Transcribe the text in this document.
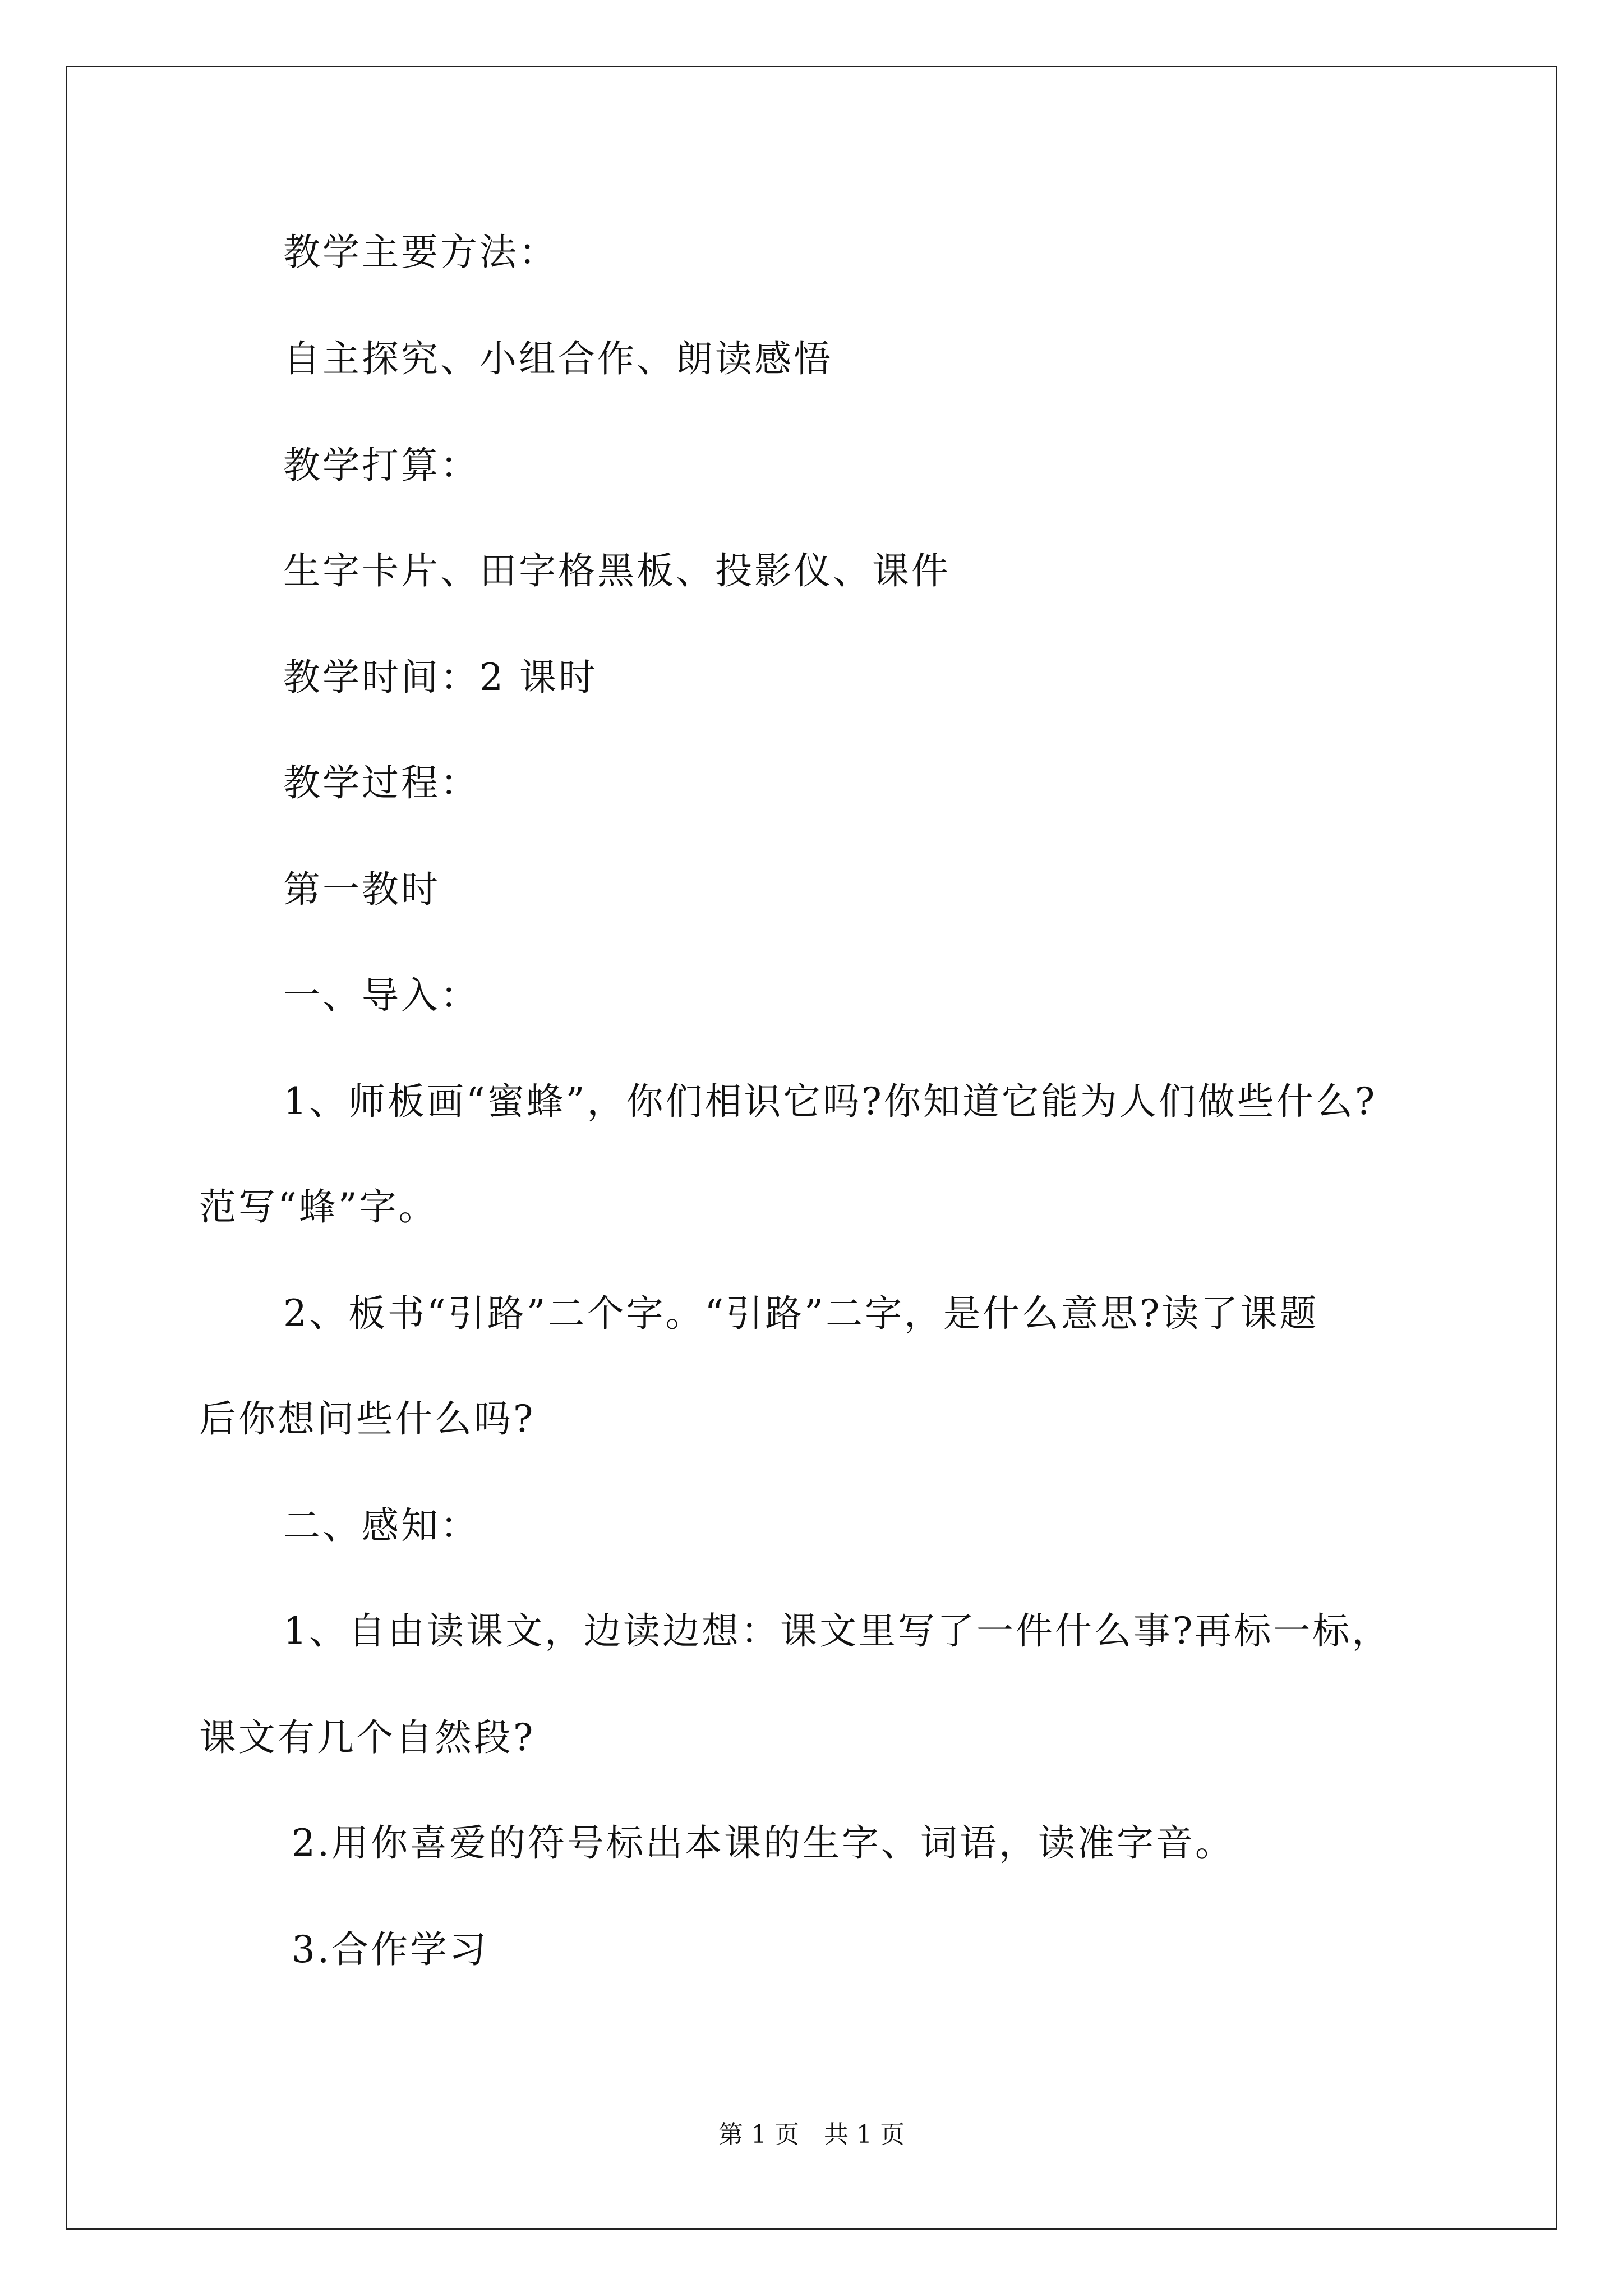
教学主要方法：
自主探究、小组合作、朗读感悟
教学打算：
生字卡片、田字格黑板、投影仪、课件
教学时间：2 课时
教学过程：
第一教时
一、导入：
1、师板画“蜜蜂”，你们相识它吗?你知道它能为人们做些什么?
范写“蜂”字。
2、板书“引路”二个字。“引路”二字，是什么意思?读了课题
后你想问些什么吗?
二、感知：
1、自由读课文，边读边想：课文里写了一件什么事?再标一标，
课文有几个自然段?
2.用你喜爱的符号标出本课的生字、词语，读准字音。
3.合作学习
第 1 页　共 1 页
